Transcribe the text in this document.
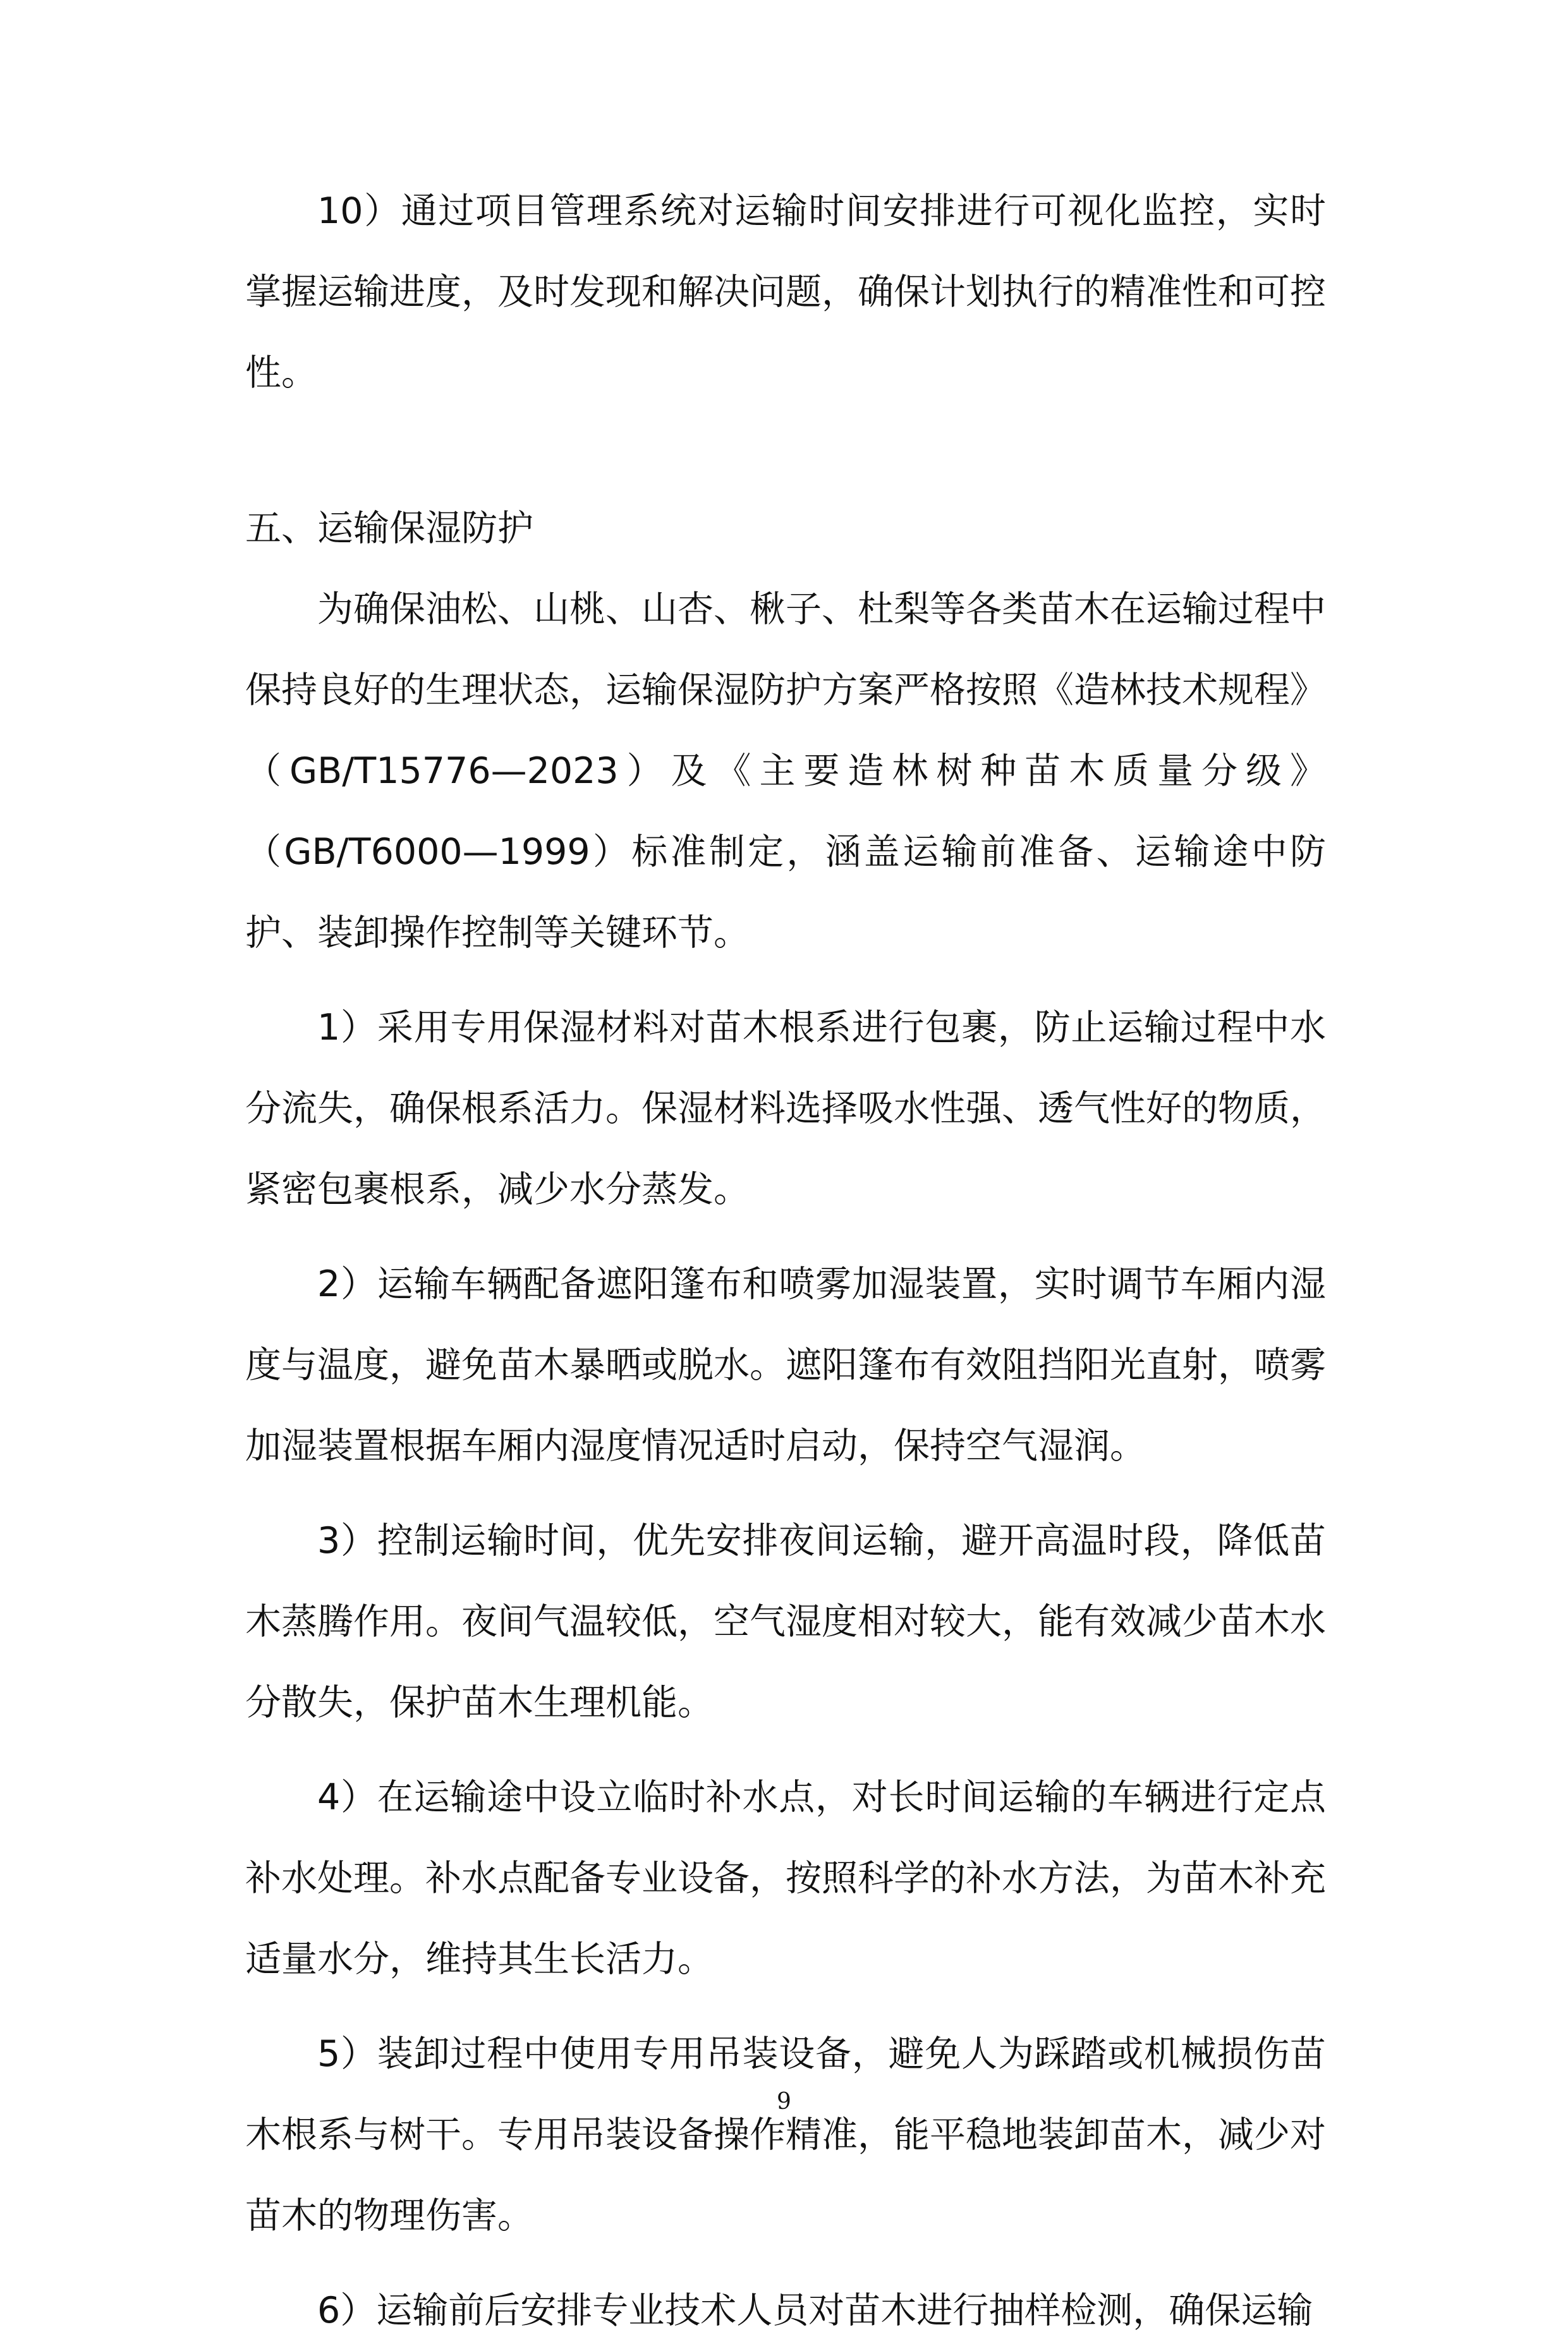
10）通过项目管理系统对运输时间安排进行可视化监控，实时掌握运输进度，及时发现和解决问题，确保计划执行的精准性和可控性。

五、运输保湿防护

为确保油松、山桃、山杏、楸子、杜梨等各类苗木在运输过程中保持良好的生理状态，运输保湿防护方案严格按照《造林技术规程》（GB/T15776—2023）及《主要造林树种苗木质量分级》（GB/T6000—1999）标准制定，涵盖运输前准备、运输途中防护、装卸操作控制等关键环节。

1）采用专用保湿材料对苗木根系进行包裹，防止运输过程中水分流失，确保根系活力。保湿材料选择吸水性强、透气性好的物质，紧密包裹根系，减少水分蒸发。

2）运输车辆配备遮阳篷布和喷雾加湿装置，实时调节车厢内湿度与温度，避免苗木暴晒或脱水。遮阳篷布有效阻挡阳光直射，喷雾加湿装置根据车厢内湿度情况适时启动，保持空气湿润。

3）控制运输时间，优先安排夜间运输，避开高温时段，降低苗木蒸腾作用。夜间气温较低，空气湿度相对较大，能有效减少苗木水分散失，保护苗木生理机能。

4）在运输途中设立临时补水点，对长时间运输的车辆进行定点补水处理。补水点配备专业设备，按照科学的补水方法，为苗木补充适量水分，维持其生长活力。

5）装卸过程中使用专用吊装设备，避免人为踩踏或机械损伤苗木根系与树干。专用吊装设备操作精准，能平稳地装卸苗木，减少对苗木的物理伤害。

6）运输前后安排专业技术人员对苗木进行抽样检测，确保运输

9
